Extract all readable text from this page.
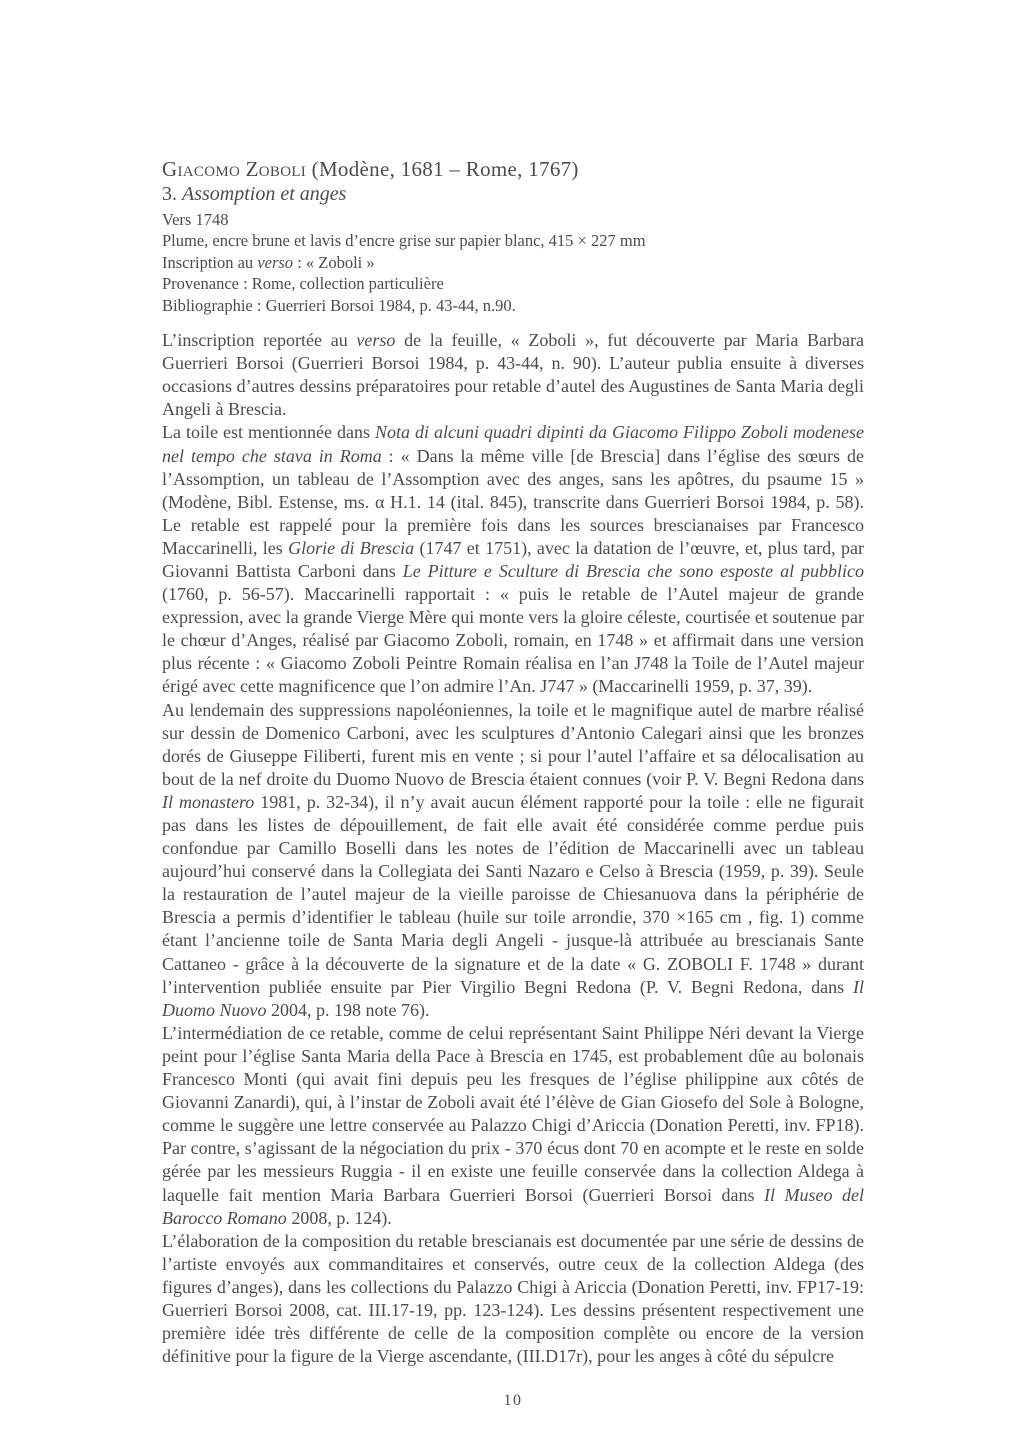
Giacomo Zoboli (Modène, 1681 – Rome, 1767)
3. Assomption et anges
Vers 1748
Plume, encre brune et lavis d’encre grise sur papier blanc, 415 × 227 mm
Inscription au verso : « Zoboli »
Provenance : Rome, collection particulière
Bibliographie : Guerrieri Borsoi 1984, p. 43-44, n.90.

L’inscription reportée au verso de la feuille, « Zoboli », fut découverte par Maria Barbara Guerrieri Borsoi (Guerrieri Borsoi 1984, p. 43-44, n. 90). L’auteur publia ensuite à diverses occasions d’autres dessins préparatoires pour retable d’autel des Augustines de Santa Maria degli Angeli à Brescia.

La toile est mentionnée dans Nota di alcuni quadri dipinti da Giacomo Filippo Zoboli modenese nel tempo che stava in Roma : « Dans la même ville [de Brescia] dans l’église des sœurs de l’Assomption, un tableau de l’Assomption avec des anges, sans les apôtres, du psaume 15 » (Modène, Bibl. Estense, ms. α H.1. 14 (ital. 845), transcrite dans Guerrieri Borsoi 1984, p. 58). Le retable est rappelé pour la première fois dans les sources brescianaises par Francesco Maccarinelli, les Glorie di Brescia (1747 et 1751), avec la datation de l’œuvre, et, plus tard, par Giovanni Battista Carboni dans Le Pitture e Sculture di Brescia che sono esposte al pubblico (1760, p. 56-57). Maccarinelli rapportait : « puis le retable de l’Autel majeur de grande expression, avec la grande Vierge Mère qui monte vers la gloire céleste, courtisée et soutenue par le chœur d’Anges, réalisé par Giacomo Zoboli, romain, en 1748 » et affirmait dans une version plus récente : « Giacomo Zoboli Peintre Romain réalisa en l’an J748 la Toile de l’Autel majeur érigé avec cette magnificence que l’on admire l’An. J747 » (Maccarinelli 1959, p. 37, 39).

Au lendemain des suppressions napoléoniennes, la toile et le magnifique autel de marbre réalisé sur dessin de Domenico Carboni, avec les sculptures d’Antonio Calegari ainsi que les bronzes dorés de Giuseppe Filiberti, furent mis en vente ; si pour l’autel l’affaire et sa délocalisation au bout de la nef droite du Duomo Nuovo de Brescia étaient connues (voir P. V. Begni Redona dans Il monastero 1981, p. 32-34), il n’y avait aucun élément rapporté pour la toile : elle ne figurait pas dans les listes de dépouillement, de fait elle avait été considérée comme perdue puis confondue par Camillo Boselli dans les notes de l’édition de Maccarinelli avec un tableau aujourd’hui conservé dans la Collegiata dei Santi Nazaro e Celso à Brescia (1959, p. 39). Seule la restauration de l’autel majeur de la vieille paroisse de Chiesanuova dans la périphérie de Brescia a permis d’identifier le tableau (huile sur toile arrondie, 370 ×165 cm , fig. 1) comme étant l’ancienne toile de Santa Maria degli Angeli - jusque-là attribuée au brescianais Sante Cattaneo - grâce à la découverte de la signature et de la date « G. ZOBOLI F. 1748 » durant l’intervention publiée ensuite par Pier Virgilio Begni Redona (P. V. Begni Redona, dans Il Duomo Nuovo 2004, p. 198 note 76).

L’intermédiation de ce retable, comme de celui représentant Saint Philippe Néri devant la Vierge peint pour l’église Santa Maria della Pace à Brescia en 1745, est probablement dûe au bolonais Francesco Monti (qui avait fini depuis peu les fresques de l’église philippine aux côtés de Giovanni Zanardi), qui, à l’instar de Zoboli avait été l’élève de Gian Giosefo del Sole à Bologne, comme le suggère une lettre conservée au Palazzo Chigi d’Ariccia (Donation Peretti, inv. FP18). Par contre, s’agissant de la négociation du prix - 370 écus dont 70 en acompte et le reste en solde gérée par les messieurs Ruggia - il en existe une feuille conservée dans la collection Aldega à laquelle fait mention Maria Barbara Guerrieri Borsoi (Guerrieri Borsoi dans Il Museo del Barocco Romano 2008, p. 124).

L’élaboration de la composition du retable brescianais est documentée par une série de dessins de l’artiste envoyés aux commanditaires et conservés, outre ceux de la collection Aldega (des figures d’anges), dans les collections du Palazzo Chigi à Ariccia (Donation Peretti, inv. FP17-19: Guerrieri Borsoi 2008, cat. III.17-19, pp. 123-124). Les dessins présentent respectivement une première idée très différente de celle de la composition complète ou encore de la version définitive pour la figure de la Vierge ascendante, (III.D17r), pour les anges à côté du sépulcre

10
